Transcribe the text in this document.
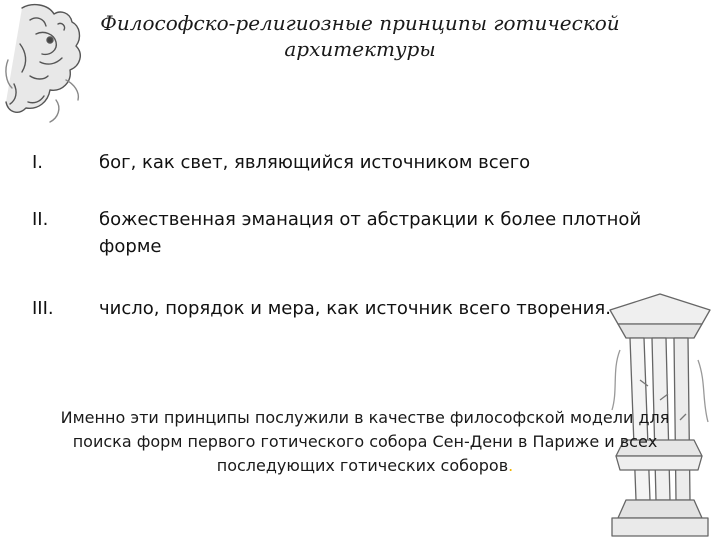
Философско-религиозные принципы готической
архитектуры
I.	бог, как свет, являющийся источником всего
II.	божественная эманация от абстракции к более плотной форме
III.	число, порядок и мера, как источник всего творения.
Именно эти принципы послужили в качестве философской модели для поиска форм первого готического собора Сен-Дени в Париже и всех последующих готических соборов.
